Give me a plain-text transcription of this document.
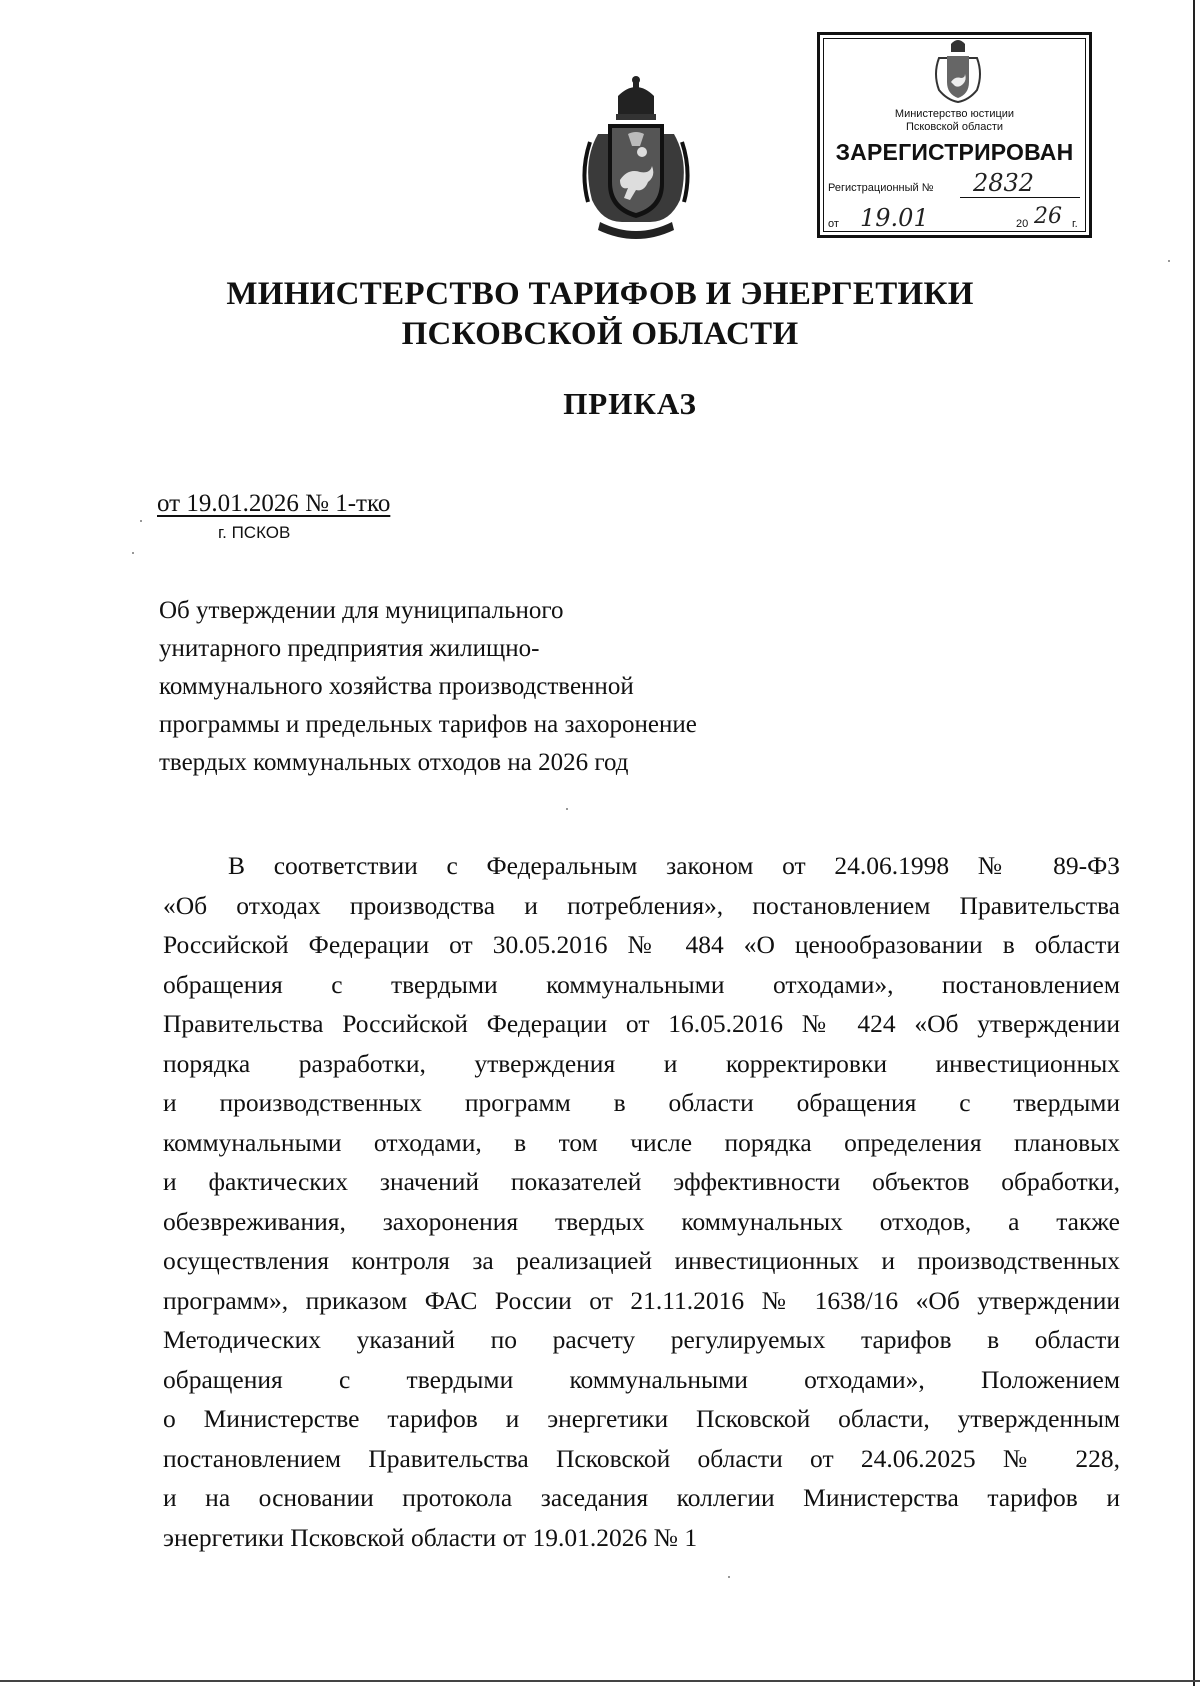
Министерство юстиции
Псковской области
ЗАРЕГИСТРИРОВАН
Регистрационный № 2832
от 19.01	20 26 г.
МИНИСТЕРСТВО ТАРИФОВ И ЭНЕРГЕТИКИ
ПСКОВСКОЙ ОБЛАСТИ
ПРИКАЗ
от 19.01.2026 № 1-тко
г. ПСКОВ
Об утверждении для муниципального
унитарного предприятия жилищно-
коммунального хозяйства производственной
программы и предельных тарифов на захоронение
твердых коммунальных отходов на 2026 год
В соответствии с Федеральным законом от 24.06.1998 № 89-ФЗ
«Об отходах производства и потребления», постановлением Правительства
Российской Федерации от 30.05.2016 № 484 «О ценообразовании в области
обращения с твердыми коммунальными отходами», постановлением
Правительства Российской Федерации от 16.05.2016 № 424 «Об утверждении
порядка разработки, утверждения и корректировки инвестиционных
и производственных программ в области обращения с твердыми
коммунальными отходами, в том числе порядка определения плановых
и фактических значений показателей эффективности объектов обработки,
обезвреживания, захоронения твердых коммунальных отходов, а также
осуществления контроля за реализацией инвестиционных и производственных
программ», приказом ФАС России от 21.11.2016 № 1638/16 «Об утверждении
Методических указаний по расчету регулируемых тарифов в области
обращения с твердыми коммунальными отходами», Положением
о Министерстве тарифов и энергетики Псковской области, утвержденным
постановлением Правительства Псковской области от 24.06.2025 № 228,
и на основании протокола заседания коллегии Министерства тарифов и
энергетики Псковской области от 19.01.2026 № 1
